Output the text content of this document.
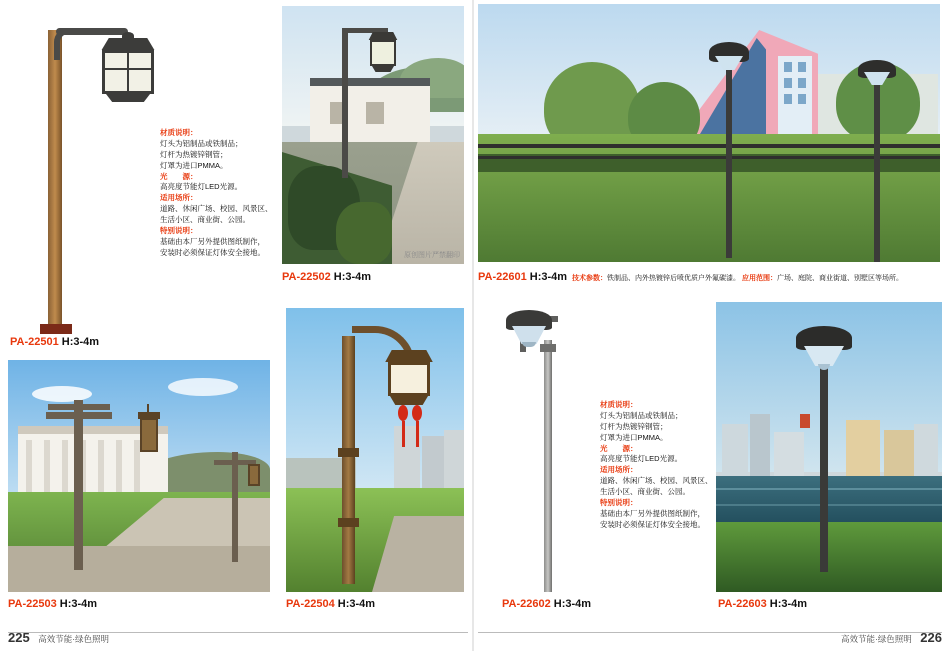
材质说明：
灯头为铝制品或铁制品；
灯杆为热镀锌钢管；
灯罩为进口PMMA。
光　　源：
高亮度节能灯LED光源。
适用场所：
道路、休闲广场、校园、风景区、
生活小区、商业街、公园。
特别说明：
基础由本厂另外提供图纸制作，
安装时必须保证灯体安全接地。
PA-22501 H:3-4m
原创图片严禁翻印
PA-22502 H:3-4m	PA-22601 H:3-4m 技术参数：铁制品、内外热镀锌后喷优质户外氟碳漆。 应用范围：广场、庭院、商业街道、别墅区等场所。
PA-22503 H:3-4m	PA-22504 H:3-4m
材质说明：
灯头为铝制品或铁制品；
灯杆为热镀锌钢管；
灯罩为进口PMMA。
光　　源：
高亮度节能灯LED光源。
适用场所：
道路、休闲广场、校园、风景区、
生活小区、商业街、公园。
特别说明：
基础由本厂另外提供图纸制作，
安装时必须保证灯体安全接地。
PA-22602 H:3-4m	PA-22603 H:3-4m
225 高效节能·绿色照明	高效节能·绿色照明 226
